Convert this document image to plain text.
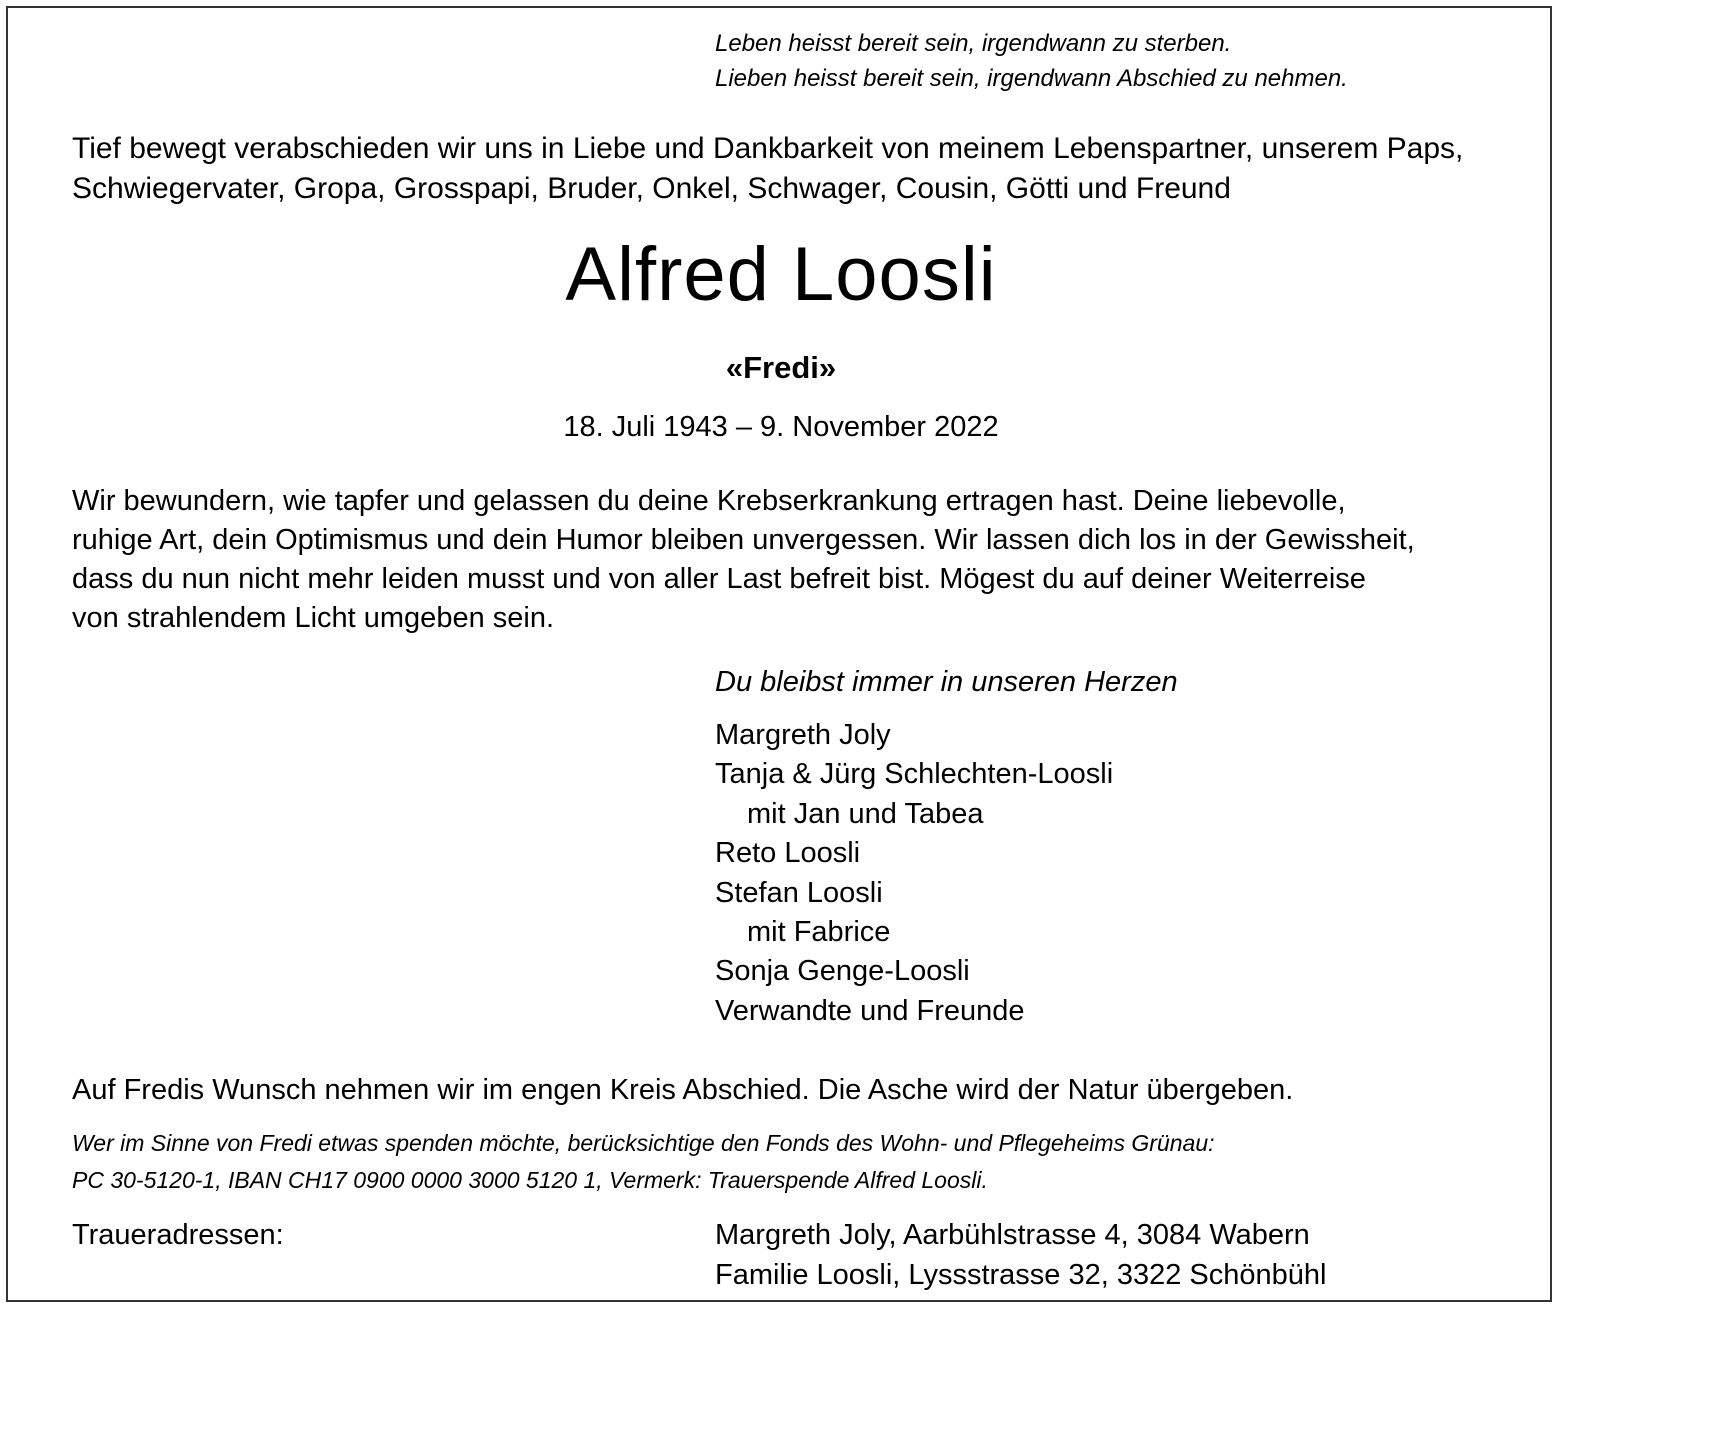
Leben heisst bereit sein, irgendwann zu sterben.
Lieben heisst bereit sein, irgendwann Abschied zu nehmen.
Tief bewegt verabschieden wir uns in Liebe und Dankbarkeit von meinem Lebenspartner, unserem Paps,
Schwiegervater, Gropa, Grosspapi, Bruder, Onkel, Schwager, Cousin, Götti und Freund
Alfred Loosli
«Fredi»
18. Juli 1943 – 9. November 2022

Wir bewundern, wie tapfer und gelassen du deine Krebserkrankung ertragen hast. Deine liebevolle,

ruhige Art, dein Optimismus und dein Humor bleiben unvergessen. Wir lassen dich los in der Gewissheit,

dass du nun nicht mehr leiden musst und von aller Last befreit bist. Mögest du auf deiner Weiterreise

von strahlendem Licht umgeben sein.

Du bleibst immer in unseren Herzen
Margreth Joly
Tanja & Jürg Schlechten-Loosli
mit Jan und Tabea
Reto Loosli
Stefan Loosli
mit Fabrice
Sonja Genge-Loosli
Verwandte und Freunde
Auf Fredis Wunsch nehmen wir im engen Kreis Abschied. Die Asche wird der Natur übergeben.
Wer im Sinne von Fredi etwas spenden möchte, berücksichtige den Fonds des Wohn- und Pflegeheims Grünau:
PC 30-5120-1, IBAN CH17 0900 0000 3000 5120 1, Vermerk: Trauerspende Alfred Loosli.
Traueradressen:	Margreth Joly, Aarbühlstrasse 4, 3084 Wabern
Familie Loosli, Lyssstrasse 32, 3322 Schönbühl
